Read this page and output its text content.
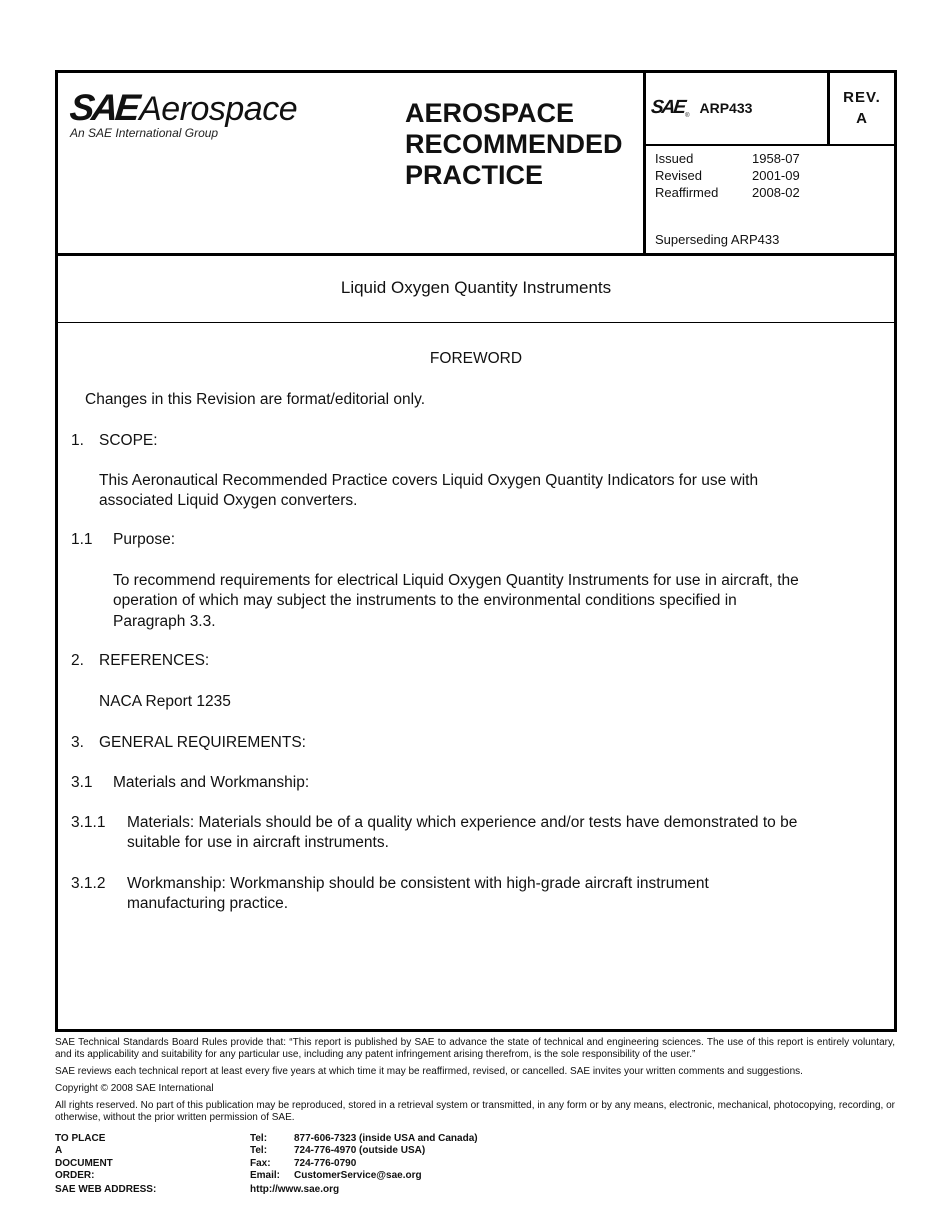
SAE Aerospace
An SAE International Group
AEROSPACE
RECOMMENDED
PRACTICE
SAE ® ARP433
REV.
A
Issued	1958-07
Revised	2001-09
Reaffirmed	2008-02
Superseding ARP433
Liquid Oxygen Quantity Instruments
FOREWORD
Changes in this Revision are format/editorial only.
1. SCOPE:
This Aeronautical Recommended Practice covers Liquid Oxygen Quantity Indicators for use with
associated Liquid Oxygen converters.
1.1 Purpose:
To recommend requirements for electrical Liquid Oxygen Quantity Instruments for use in aircraft, the
operation of which may subject the instruments to the environmental conditions specified in
Paragraph 3.3.
2. REFERENCES:
NACA Report 1235
3. GENERAL REQUIREMENTS:
3.1 Materials and Workmanship:
3.1.1 Materials: Materials should be of a quality which experience and/or tests have demonstrated to be
suitable for use in aircraft instruments.
3.1.2 Workmanship: Workmanship should be consistent with high-grade aircraft instrument
manufacturing practice.

SAE Technical Standards Board Rules provide that: “This report is published by SAE to advance the state of technical and engineering sciences. The use of this report is entirely voluntary, and its applicability and suitability for any particular use, including any patent infringement arising therefrom, is the sole responsibility of the user.”

SAE reviews each technical report at least every five years at which time it may be reaffirmed, revised, or cancelled. SAE invites your written comments and suggestions.

Copyright © 2008 SAE International

All rights reserved. No part of this publication may be reproduced, stored in a retrieval system or transmitted, in any form or by any means, electronic, mechanical, photocopying, recording, or otherwise, without the prior written permission of SAE.

TO PLACE A DOCUMENT ORDER:
Tel:	877-606-7323 (inside USA and Canada)
Tel:	724-776-4970 (outside USA)
Fax: 724-776-0790
Email: CustomerService@sae.org
SAE WEB ADDRESS:	http://www.sae.org
